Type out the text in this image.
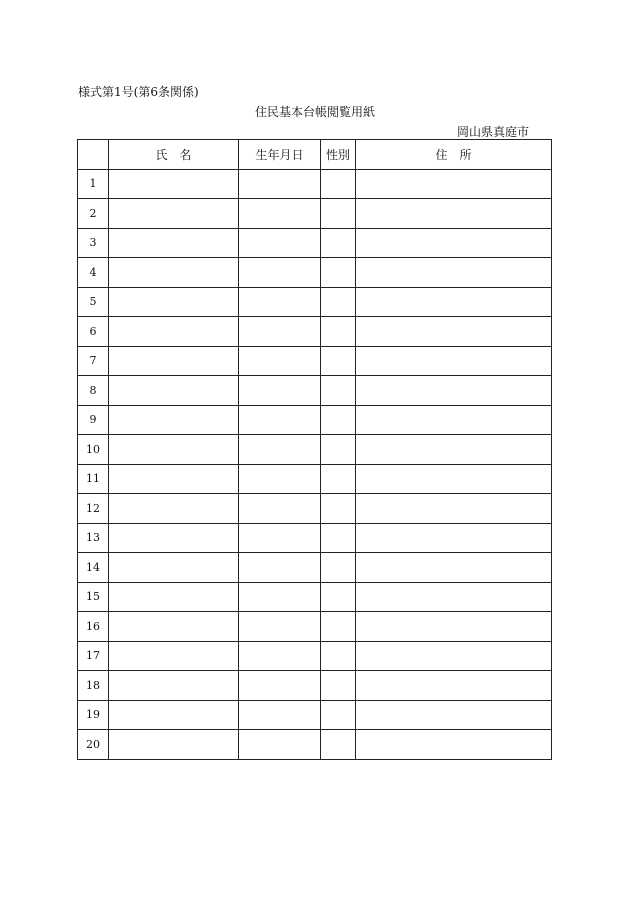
様式第1号(第6条関係)
住民基本台帳閲覧用紙
岡山県真庭市
	氏　名	生年月日	性別	住　所
1				
2				
3				
4				
5				
6				
7				
8				
9				
10				
11				
12				
13				
14				
15				
16				
17				
18				
19				
20				
